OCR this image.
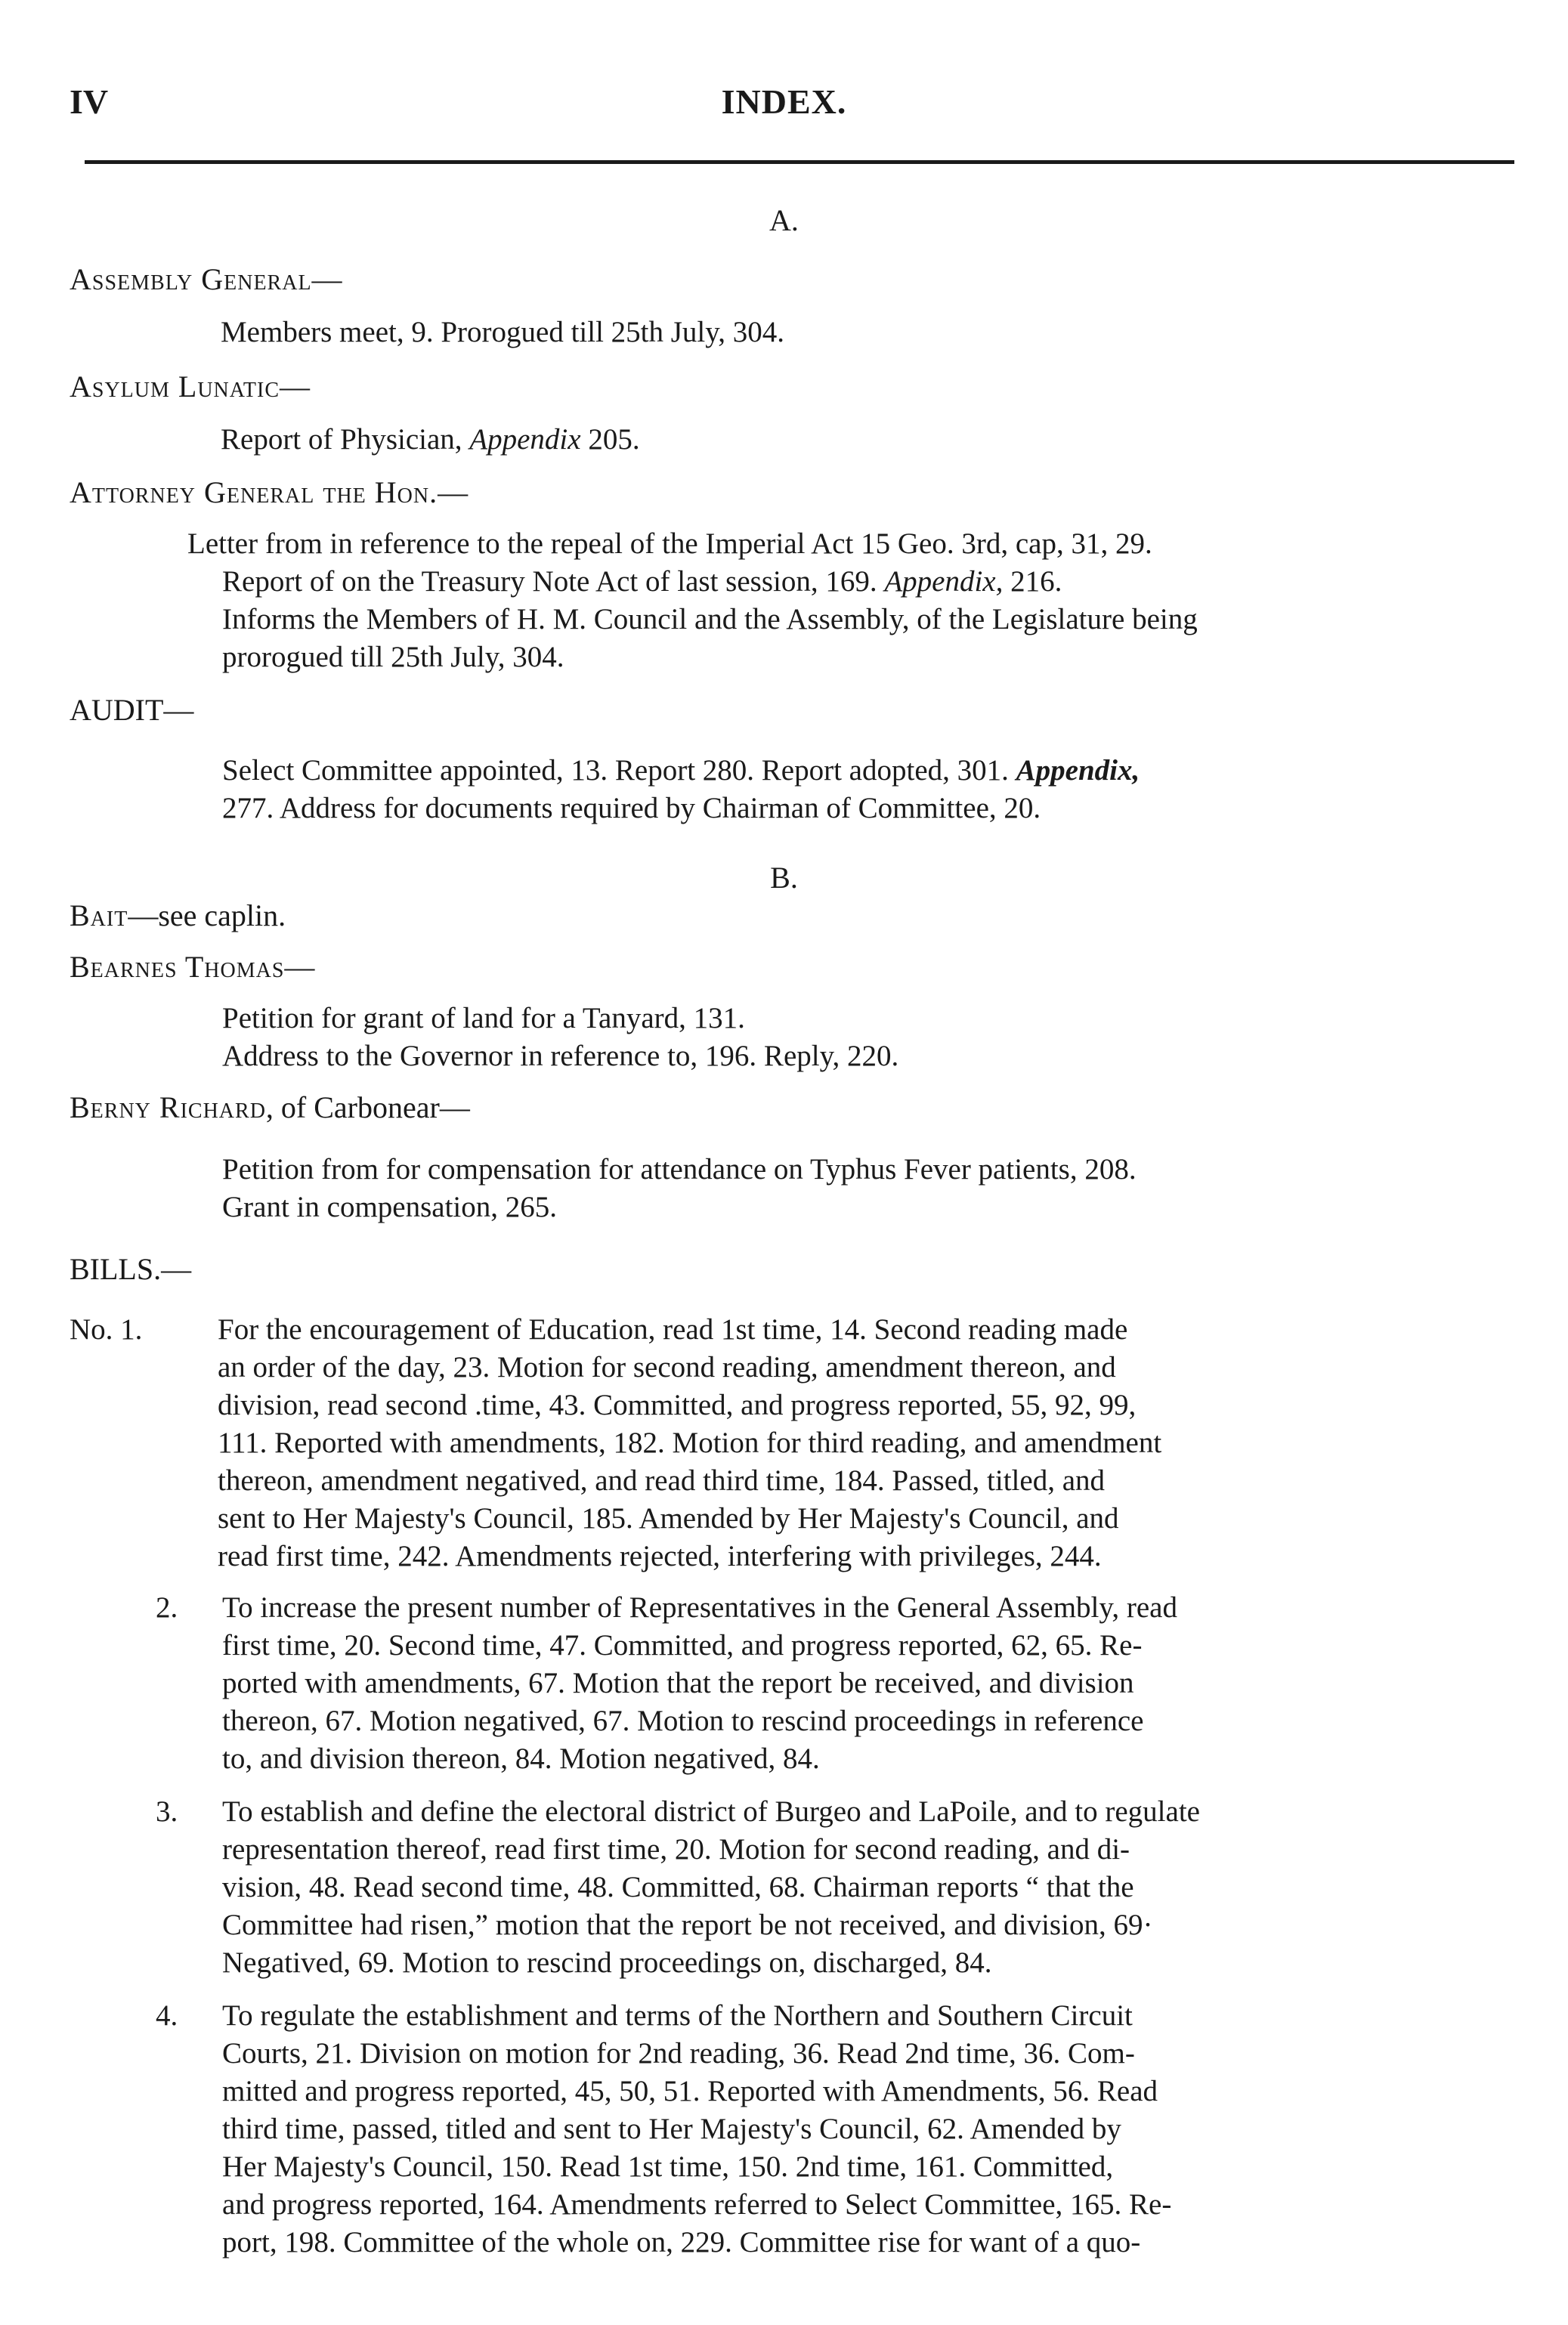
IV	INDEX.
A.
Assembly General—
Members meet, 9. Prorogued till 25th July, 304.
Asylum Lunatic—
Report of Physician, Appendix 205.
Attorney General the Hon.—
Letter from in reference to the repeal of the Imperial Act 15 Geo. 3rd, cap, 31, 29.
Report of on the Treasury Note Act of last session, 169. Appendix, 216.
Informs the Members of H. M. Council and the Assembly, of the Legislature being
prorogued till 25th July, 304.
AUDIT—
Select Committee appointed, 13. Report 280. Report adopted, 301. Appendix,
277. Address for documents required by Chairman of Committee, 20.
B.
Bait—see caplin.
Bearnes Thomas—
Petition for grant of land for a Tanyard, 131.
Address to the Governor in reference to, 196. Reply, 220.
Berny Richard, of Carbonear—
Petition from for compensation for attendance on Typhus Fever patients, 208.
Grant in compensation, 265.
BILLS.—
No. 1.	For the encouragement of Education, read 1st time, 14. Second reading made
an order of the day, 23. Motion for second reading, amendment thereon, and
division, read second .time, 43. Committed, and progress reported, 55, 92, 99,
111. Reported with amendments, 182. Motion for third reading, and amendment
thereon, amendment negatived, and read third time, 184. Passed, titled, and
sent to Her Majesty's Council, 185. Amended by Her Majesty's Council, and
read first time, 242. Amendments rejected, interfering with privileges, 244.
2. To increase the present number of Representatives in the General Assembly, read
first time, 20. Second time, 47. Committed, and progress reported, 62, 65. Re-
ported with amendments, 67. Motion that the report be received, and division
thereon, 67. Motion negatived, 67. Motion to rescind proceedings in reference
to, and division thereon, 84. Motion negatived, 84.
3. To establish and define the electoral district of Burgeo and LaPoile, and to regulate
representation thereof, read first time, 20. Motion for second reading, and di-
vision, 48. Read second time, 48. Committed, 68. Chairman reports “ that the
Committee had risen,” motion that the report be not received, and division, 69·
Negatived, 69. Motion to rescind proceedings on, discharged, 84.
4. To regulate the establishment and terms of the Northern and Southern Circuit
Courts, 21. Division on motion for 2nd reading, 36. Read 2nd time, 36. Com-
mitted and progress reported, 45, 50, 51. Reported with Amendments, 56. Read
third time, passed, titled and sent to Her Majesty's Council, 62. Amended by
Her Majesty's Council, 150. Read 1st time, 150. 2nd time, 161. Committed,
and progress reported, 164. Amendments referred to Select Committee, 165. Re-
port, 198. Committee of the whole on, 229. Committee rise for want of a quo-
